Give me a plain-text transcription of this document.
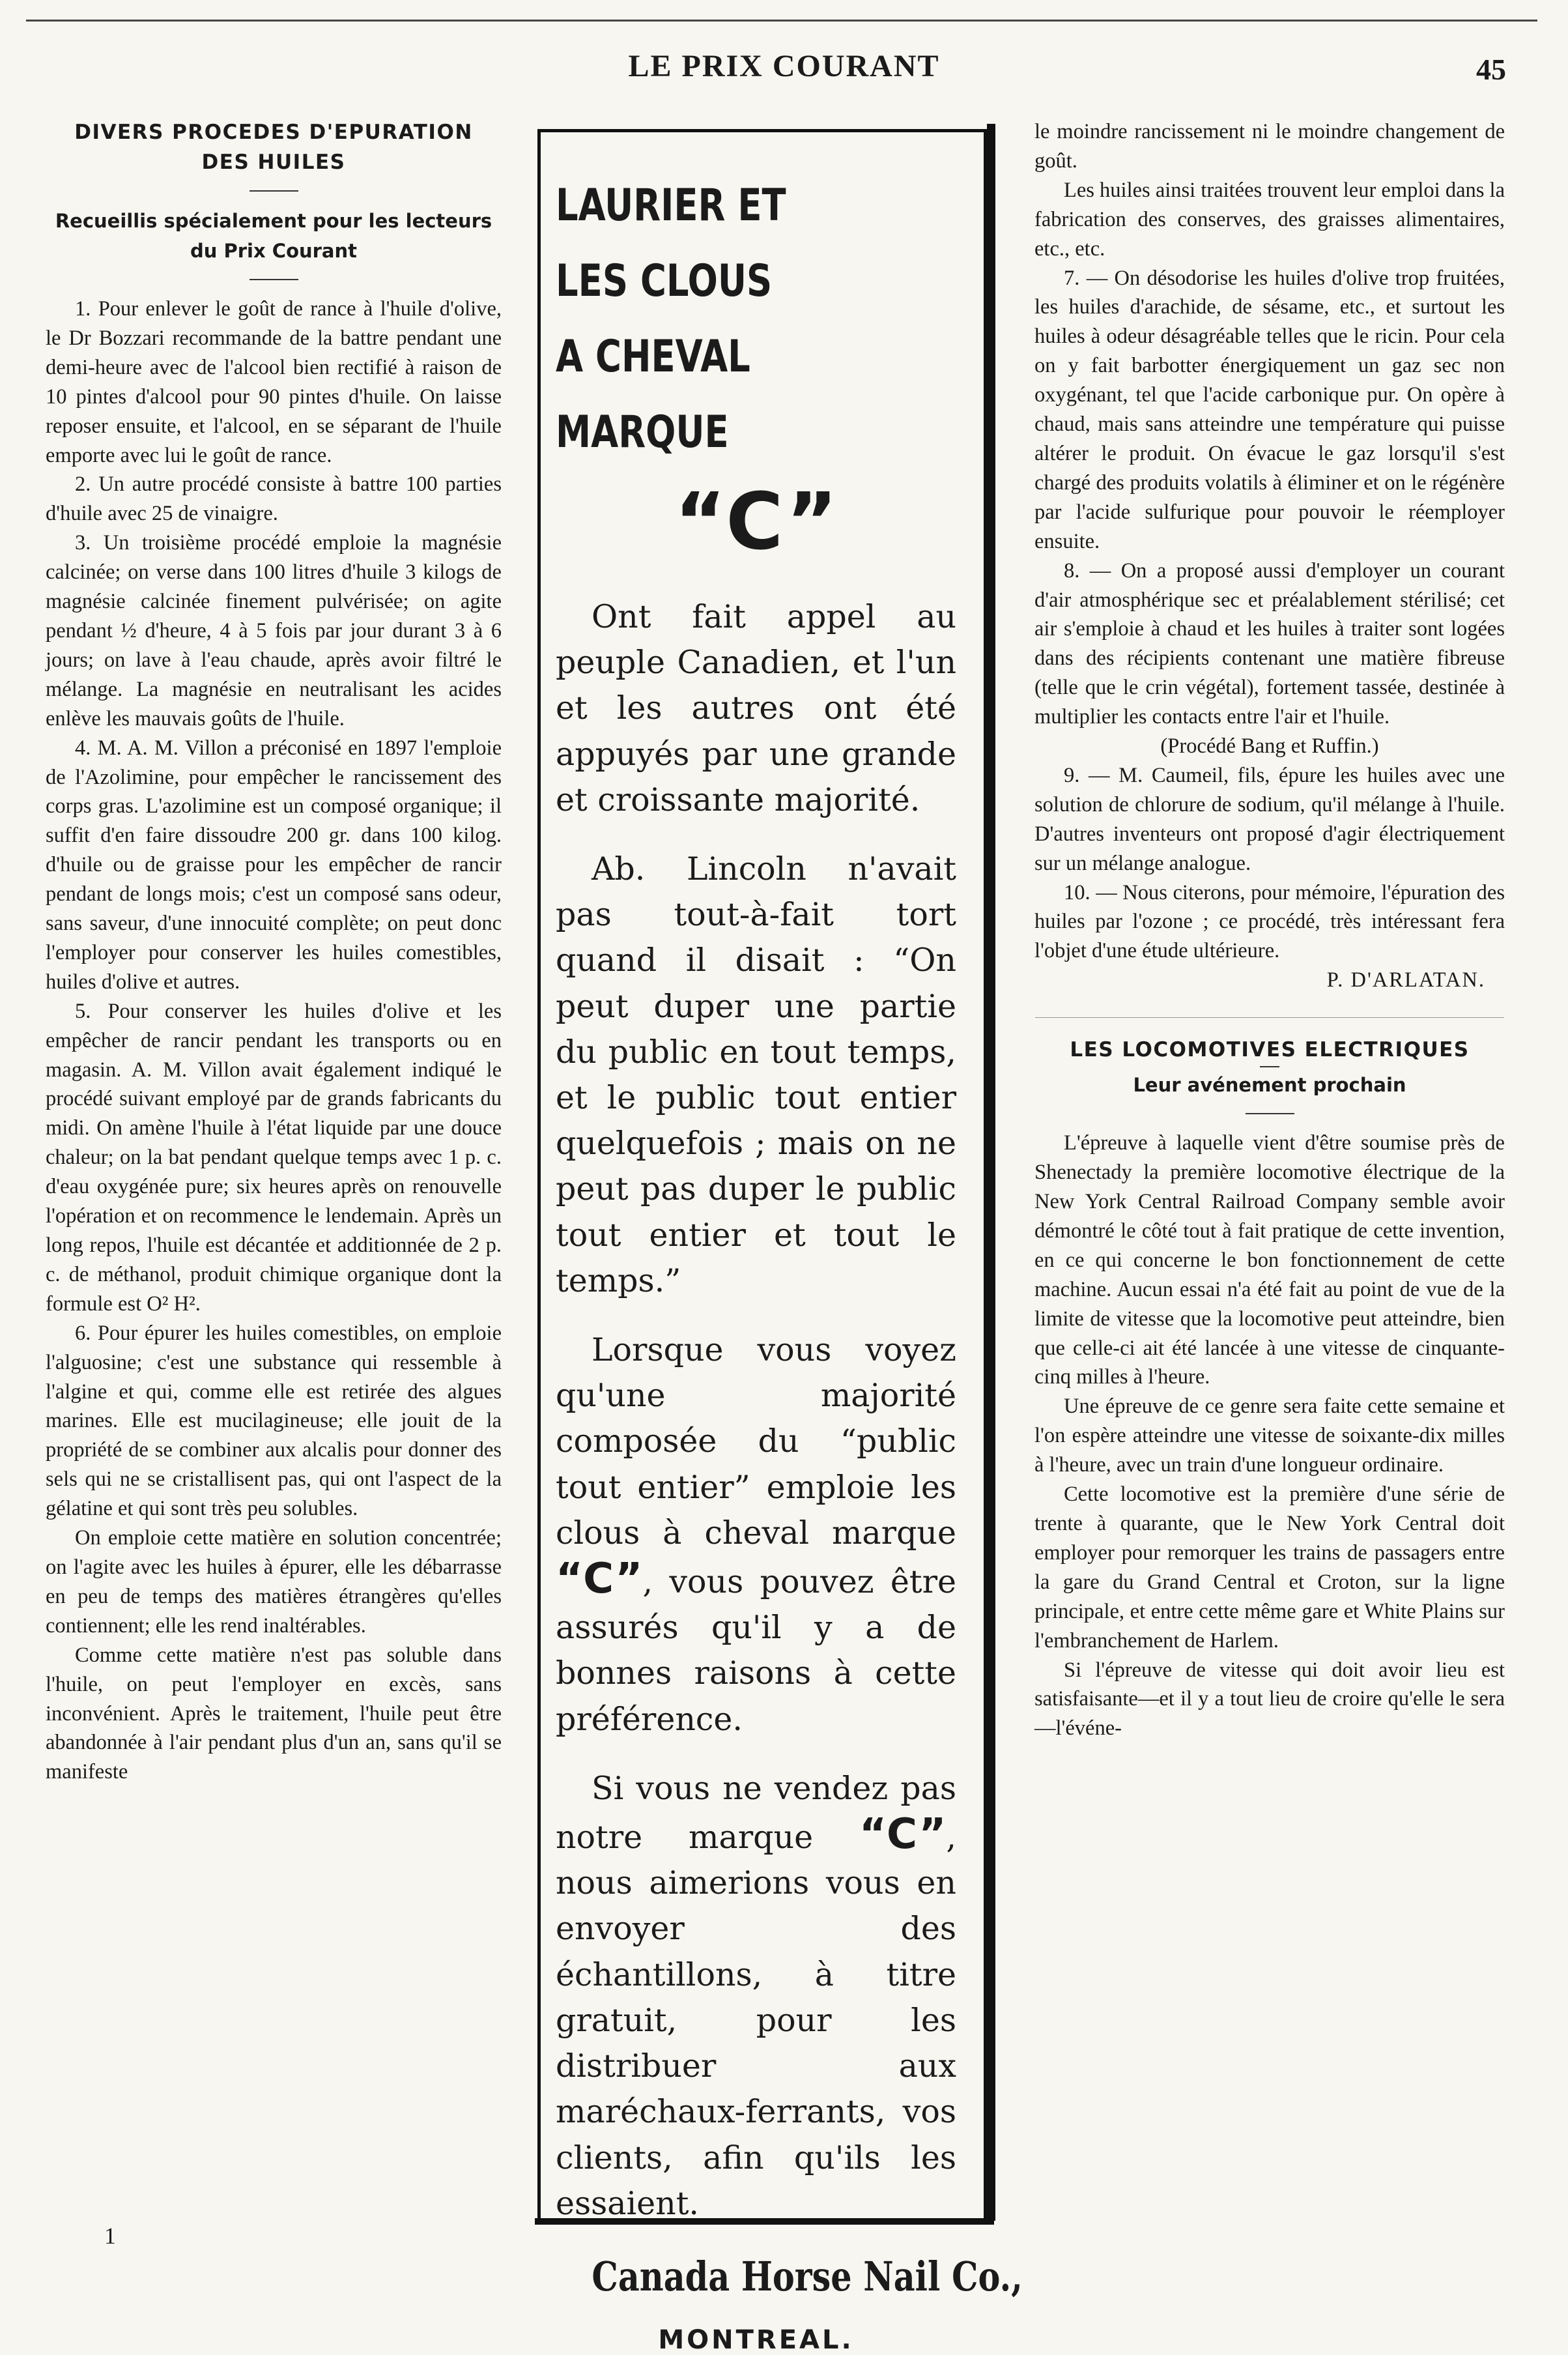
LE PRIX COURANT	45
DIVERS PROCEDES D'EPURATION
DES HUILES
Recueillis spécialement pour les lecteurs
du Prix Courant

1. Pour enlever le goût de rance à l'huile d'olive, le Dr Bozzari recommande de la battre pendant une demi-heure avec de l'alcool bien rectifié à raison de 10 pintes d'alcool pour 90 pintes d'huile. On laisse reposer ensuite, et l'alcool, en se séparant de l'huile emporte avec lui le goût de rance.

2. Un autre procédé consiste à battre 100 parties d'huile avec 25 de vinaigre.

3. Un troisième procédé emploie la magnésie calcinée; on verse dans 100 litres d'huile 3 kilogs de magnésie calcinée finement pulvérisée; on agite pendant ½ d'heure, 4 à 5 fois par jour durant 3 à 6 jours; on lave à l'eau chaude, après avoir filtré le mélange. La magnésie en neutralisant les acides enlève les mauvais goûts de l'huile.

4. M. A. M. Villon a préconisé en 1897 l'emploie de l'Azolimine, pour empêcher le rancissement des corps gras. L'azolimine est un composé organique; il suffit d'en faire dissoudre 200 gr. dans 100 kilog. d'huile ou de graisse pour les empêcher de rancir pendant de longs mois; c'est un composé sans odeur, sans saveur, d'une innocuité complète; on peut donc l'employer pour conserver les huiles comestibles, huiles d'olive et autres.

5. Pour conserver les huiles d'olive et les empêcher de rancir pendant les transports ou en magasin. A. M. Villon avait également indiqué le procédé suivant employé par de grands fabricants du midi. On amène l'huile à l'état liquide par une douce chaleur; on la bat pendant quelque temps avec 1 p. c. d'eau oxygénée pure; six heures après on renouvelle l'opération et on recommence le lendemain. Après un long repos, l'huile est décantée et additionnée de 2 p. c. de méthanol, produit chimique organique dont la formule est O² H².

6. Pour épurer les huiles comestibles, on emploie l'alguosine; c'est une substance qui ressemble à l'algine et qui, comme elle est retirée des algues marines. Elle est mucilagineuse; elle jouit de la propriété de se combiner aux alcalis pour donner des sels qui ne se cristallisent pas, qui ont l'aspect de la gélatine et qui sont très peu solubles.

On emploie cette matière en solution concentrée; on l'agite avec les huiles à épurer, elle les débarrasse en peu de temps des matières étrangères qu'elles contiennent; elle les rend inaltérables.

Comme cette matière n'est pas soluble dans l'huile, on peut l'employer en excès, sans inconvénient. Après le traitement, l'huile peut être abandonnée à l'air pendant plus d'un an, sans qu'il se manifeste

LAURIER ET
LES CLOUS
A CHEVAL
MARQUE
“C”

Ont fait appel au peuple Canadien, et l'un et les autres ont été appuyés par une grande et croissante majorité.

Ab. Lincoln n'avait pas tout-à-fait tort quand il disait : “On peut duper une partie du public en tout temps, et le public tout entier quelquefois ; mais on ne peut pas duper le public tout entier et tout le temps.”

Lorsque vous voyez qu'une majorité composée du “public tout entier” emploie les clous à cheval marque “C”, vous pouvez être assurés qu'il y a de bonnes raisons à cette préférence.

Si vous ne vendez pas notre marque “C”, nous aimerions vous en envoyer des échantillons, à titre gratuit, pour les distribuer aux maréchaux-ferrants, vos clients, afin qu'ils les essaient.

Canada Horse Nail Co.,
MONTREAL.

le moindre rancissement ni le moindre changement de goût.

Les huiles ainsi traitées trouvent leur emploi dans la fabrication des conserves, des graisses alimentaires, etc., etc.

7. — On désodorise les huiles d'olive trop fruitées, les huiles d'arachide, de sésame, etc., et surtout les huiles à odeur désagréable telles que le ricin. Pour cela on y fait barbotter énergiquement un gaz sec non oxygénant, tel que l'acide carbonique pur. On opère à chaud, mais sans atteindre une température qui puisse altérer le produit. On évacue le gaz lorsqu'il s'est chargé des produits volatils à éliminer et on le régénère par l'acide sulfurique pour pouvoir le réemployer ensuite.

8. — On a proposé aussi d'employer un courant d'air atmosphérique sec et préalablement stérilisé; cet air s'emploie à chaud et les huiles à traiter sont logées dans des récipients contenant une matière fibreuse (telle que le crin végétal), fortement tassée, destinée à multiplier les contacts entre l'air et l'huile.

(Procédé Bang et Ruffin.)

9. — M. Caumeil, fils, épure les huiles avec une solution de chlorure de sodium, qu'il mélange à l'huile. D'autres inventeurs ont proposé d'agir électriquement sur un mélange analogue.

10. — Nous citerons, pour mémoire, l'épuration des huiles par l'ozone ; ce procédé, très intéressant fera l'objet d'une étude ultérieure.

P. D'ARLATAN.

LES LOCOMOTIVES ELECTRIQUES
Leur avénement prochain

L'épreuve à laquelle vient d'être soumise près de Shenectady la première locomotive électrique de la New York Central Railroad Company semble avoir démontré le côté tout à fait pratique de cette invention, en ce qui concerne le bon fonctionnement de cette machine. Aucun essai n'a été fait au point de vue de la limite de vitesse que la locomotive peut atteindre, bien que celle-ci ait été lancée à une vitesse de cinquante-cinq milles à l'heure.

Une épreuve de ce genre sera faite cette semaine et l'on espère atteindre une vitesse de soixante-dix milles à l'heure, avec un train d'une longueur ordinaire.

Cette locomotive est la première d'une série de trente à quarante, que le New York Central doit employer pour remorquer les trains de passagers entre la gare du Grand Central et Croton, sur la ligne principale, et entre cette même gare et White Plains sur l'embranchement de Harlem.

Si l'épreuve de vitesse qui doit avoir lieu est satisfaisante—et il y a tout lieu de croire qu'elle le sera—l'événe-

1
